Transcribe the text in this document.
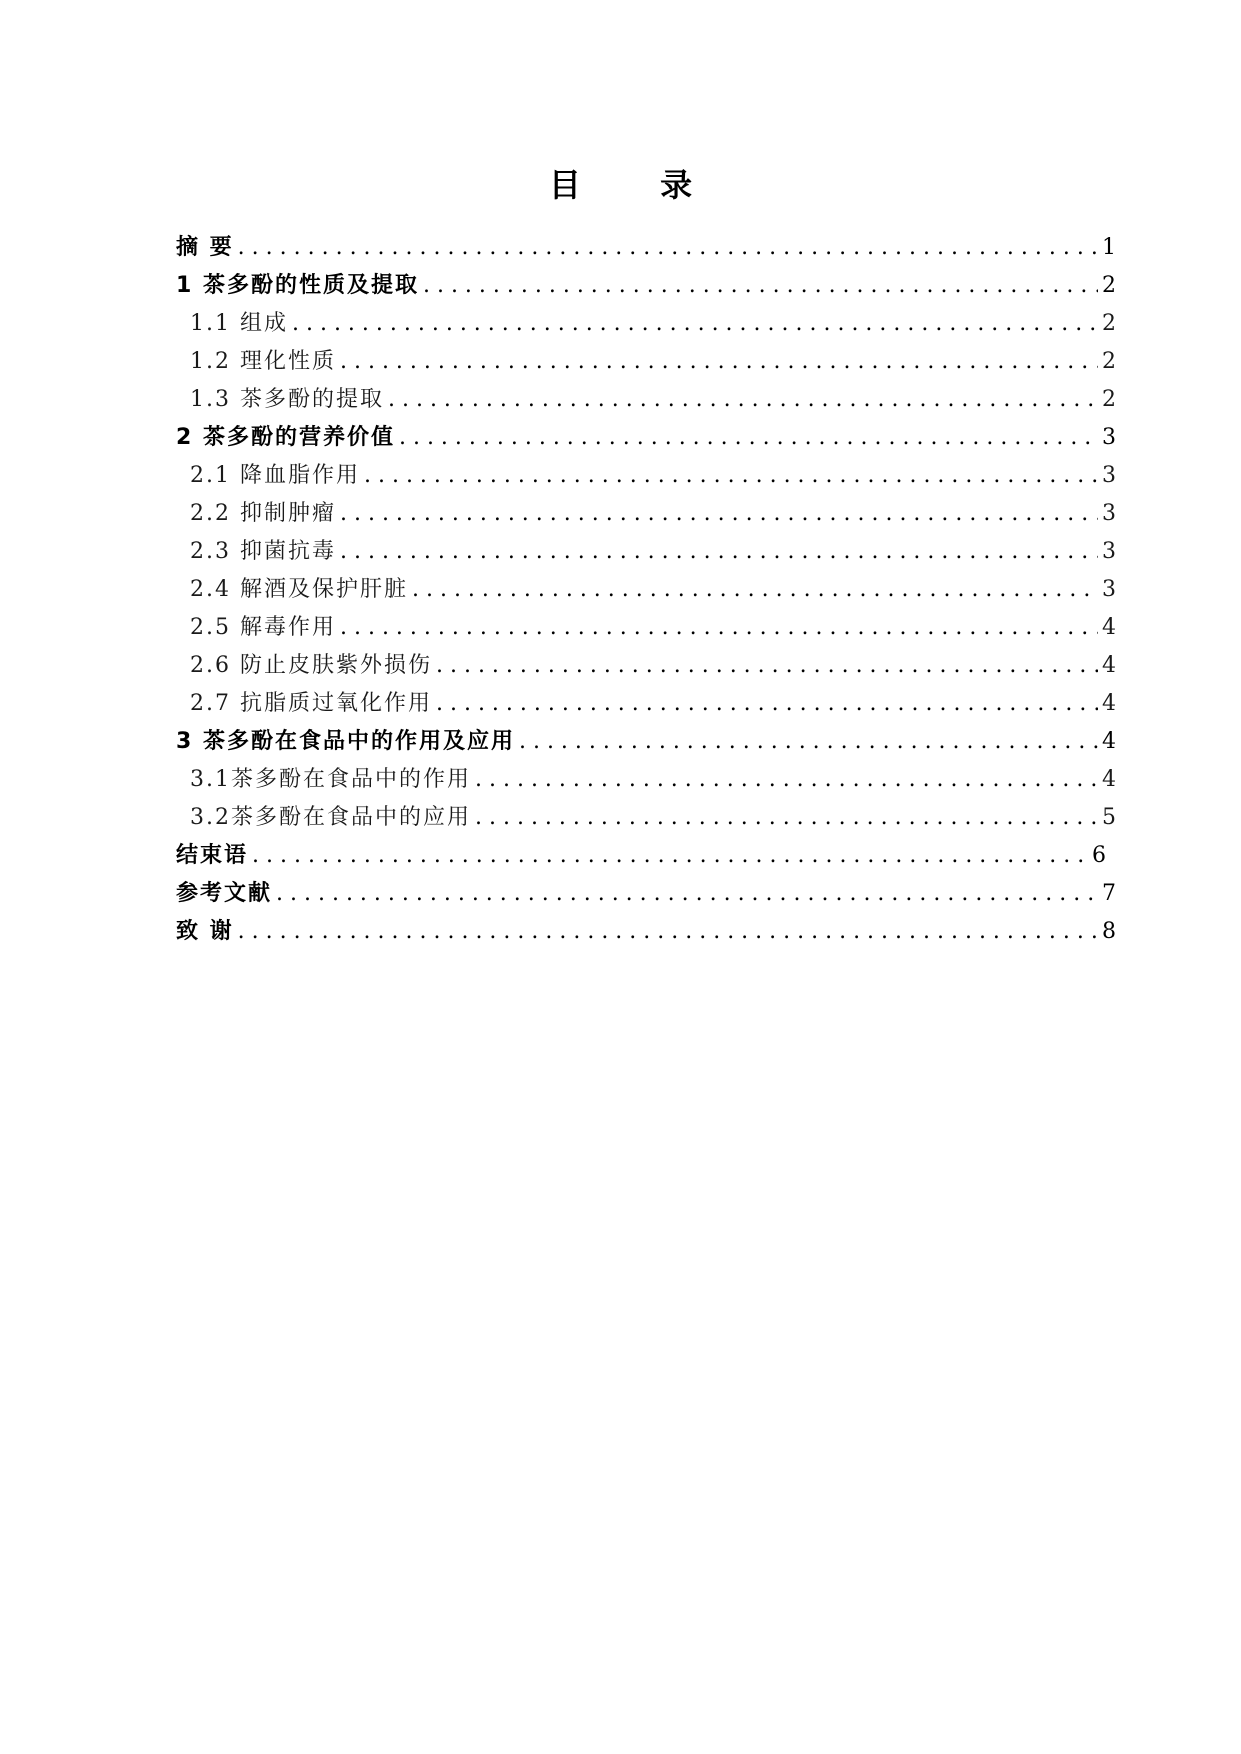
目 录
摘 要 . . .	1
1 茶多酚的性质及提取 . . .	2
1.1 组成 . . .	2
1.2 理化性质 . . .	2
1.3 茶多酚的提取 . . .	2
2 茶多酚的营养价值 . . .	3
2.1 降血脂作用 . . .	3
2.2 抑制肿瘤 . . .	3
2.3 抑菌抗毒 . . .	3
2.4 解酒及保护肝脏 . . .	3
2.5 解毒作用 . . .	4
2.6 防止皮肤紫外损伤 . . .	4
2.7 抗脂质过氧化作用 . . .	4
3 茶多酚在食品中的作用及应用 . . .	4
3.1茶多酚在食品中的作用 . . .	4
3.2茶多酚在食品中的应用 . . .	5
结束语 . . .	6
参考文献 . . .	7
致 谢 . . .	8
